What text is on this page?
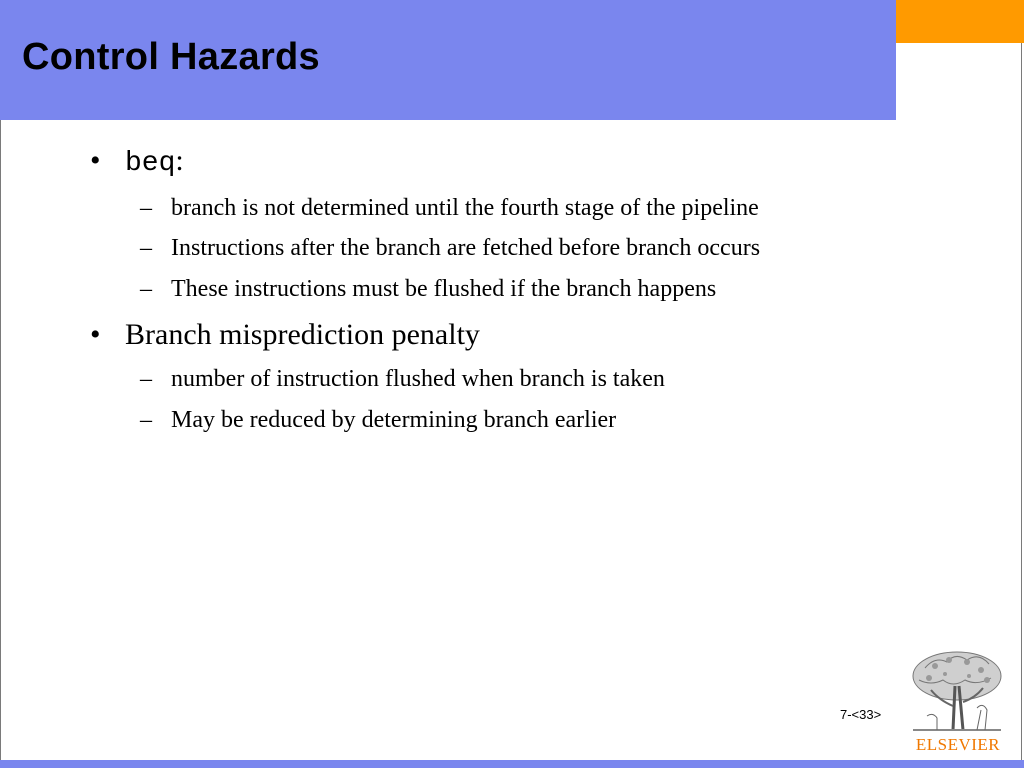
Control Hazards
• beq:
– branch is not determined until the fourth stage of the pipeline
– Instructions after the branch are fetched before branch occurs
– These instructions must be flushed if the branch happens
• Branch misprediction penalty
– number of instruction flushed when branch is taken
– May be reduced by determining branch earlier
7-<33>
ELSEVIER
